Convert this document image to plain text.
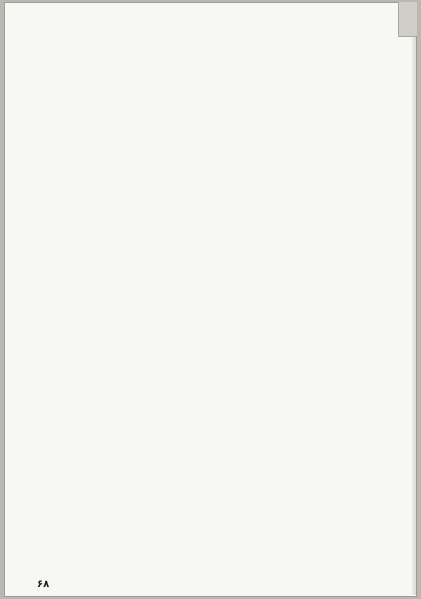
۶۸
